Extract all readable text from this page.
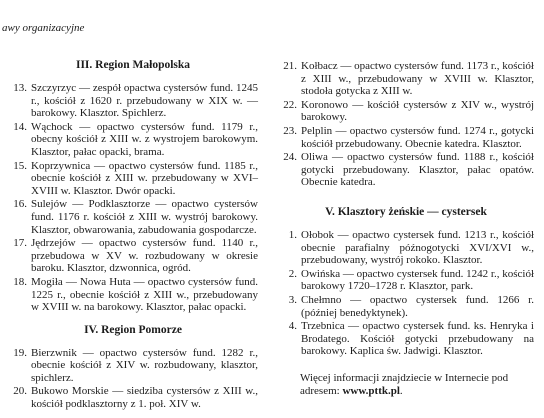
awy organizacyjne

III. Region Małopolska

13. Szczyrzyc — zespół opactwa cystersów fund. 1245 r., kościół z 1620 r. przebudowany w XIX w. — barokowy. Klasztor. Spichlerz.
14. Wąchock — opactwo cystersów fund. 1179 r., obecny kościół z XIII w. z wystrojem barokowym. Klasztor, pałac opacki, brama.
15. Koprzywnica — opactwo cystersów fund. 1185 r., obecnie kościół z XIII w. przebudowany w XVI–XVIII w. Klasztor. Dwór opacki.
16. Sulejów — Podklasztorze — opactwo cystersów fund. 1176 r. kościół z XIII w. wystrój barokowy. Klasztor, obwarowania, zabudowania gospodarcze.
17. Jędrzejów — opactwo cystersów fund. 1140 r., przebudowa w XV w. rozbudowany w okresie baroku. Klasztor, dzwonnica, ogród.
18. Mogiła — Nowa Huta — opactwo cystersów fund. 1225 r., obecnie kościół z XIII w., przebudowany w XVIII w. na barokowy. Klasztor, pałac opacki.

IV. Region Pomorze

19. Bierzwnik — opactwo cystersów fund. 1282 r., obecnie kościół z XIV w. rozbudowany, klasztor, spichlerz.
20. Bukowo Morskie — siedziba cystersów z XIII w., kościół podklasztorny z 1. poł. XIV w.
21. Kołbacz — opactwo cystersów fund. 1173 r., kościół z XIII w., przebudowany w XVIII w. Klasztor, stodoła gotycka z XIII w.
22. Koronowo — kościół cystersów z XIV w., wystrój barokowy.
23. Pelplin — opactwo cystersów fund. 1274 r., gotycki kościół przebudowany. Obecnie katedra. Klasztor.
24. Oliwa — opactwo cystersów fund. 1188 r., kościół gotycki przebudowany. Klasztor, pałac opatów. Obecnie katedra.

V. Klasztory żeńskie — cystersek

1. Ołobok — opactwo cystersek fund. 1213 r., kościół obecnie parafialny późnogotycki XVI/XVI w., przebudowany, wystrój rokoko. Klasztor.
2. Owińska — opactwo cystersek fund. 1242 r., kościół barokowy 1720–1728 r. Klasztor, park.
3. Chełmno — opactwo cystersek fund. 1266 r. (później benedyktynek).
4. Trzebnica — opactwo cystersek fund. ks. Henryka i Brodatego. Kościół gotycki przebudowany na barokowy. Kaplica św. Jadwigi. Klasztor.
Więcej informacji znajdziecie w Internecie pod adresem: www.pttk.pl.
